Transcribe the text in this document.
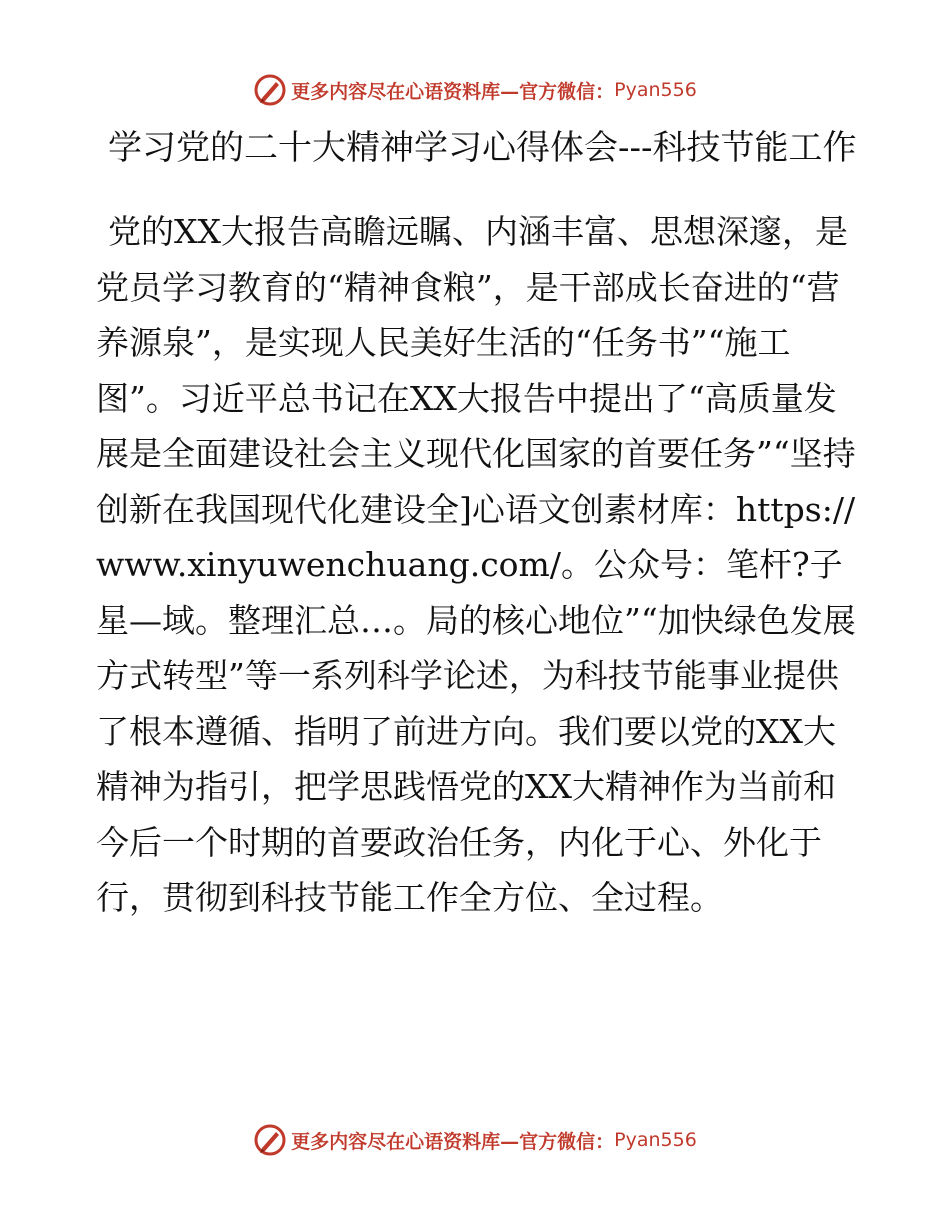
更多内容尽在心语资料库—官方微信： Pyan556
学习党的二十大精神学习心得体会---科技节能工作

党的XX大报告高瞻远瞩、内涵丰富、思想深邃，是党员学习教育的“精神食粮”，是干部成长奋进的“营养源泉”，是实现人民美好生活的“任务书”“施工图”。习近平总书记在XX大报告中提出了“高质量发展是全面建设社会主义现代化国家的首要任务”“坚持创新在我国现代化建设全]心语文创素材库：https://www.xinyuwenchuang.com/。公众号：笔杆?子星—域。整理汇总…。局的核心地位”“加快绿色发展方式转型”等一系列科学论述，为科技节能事业提供了根本遵循、指明了前进方向。我们要以党的XX大精神为指引，把学思践悟党的XX大精神作为当前和今后一个时期的首要政治任务，内化于心、外化于行，贯彻到科技节能工作全方位、全过程。

更多内容尽在心语资料库—官方微信： Pyan556
